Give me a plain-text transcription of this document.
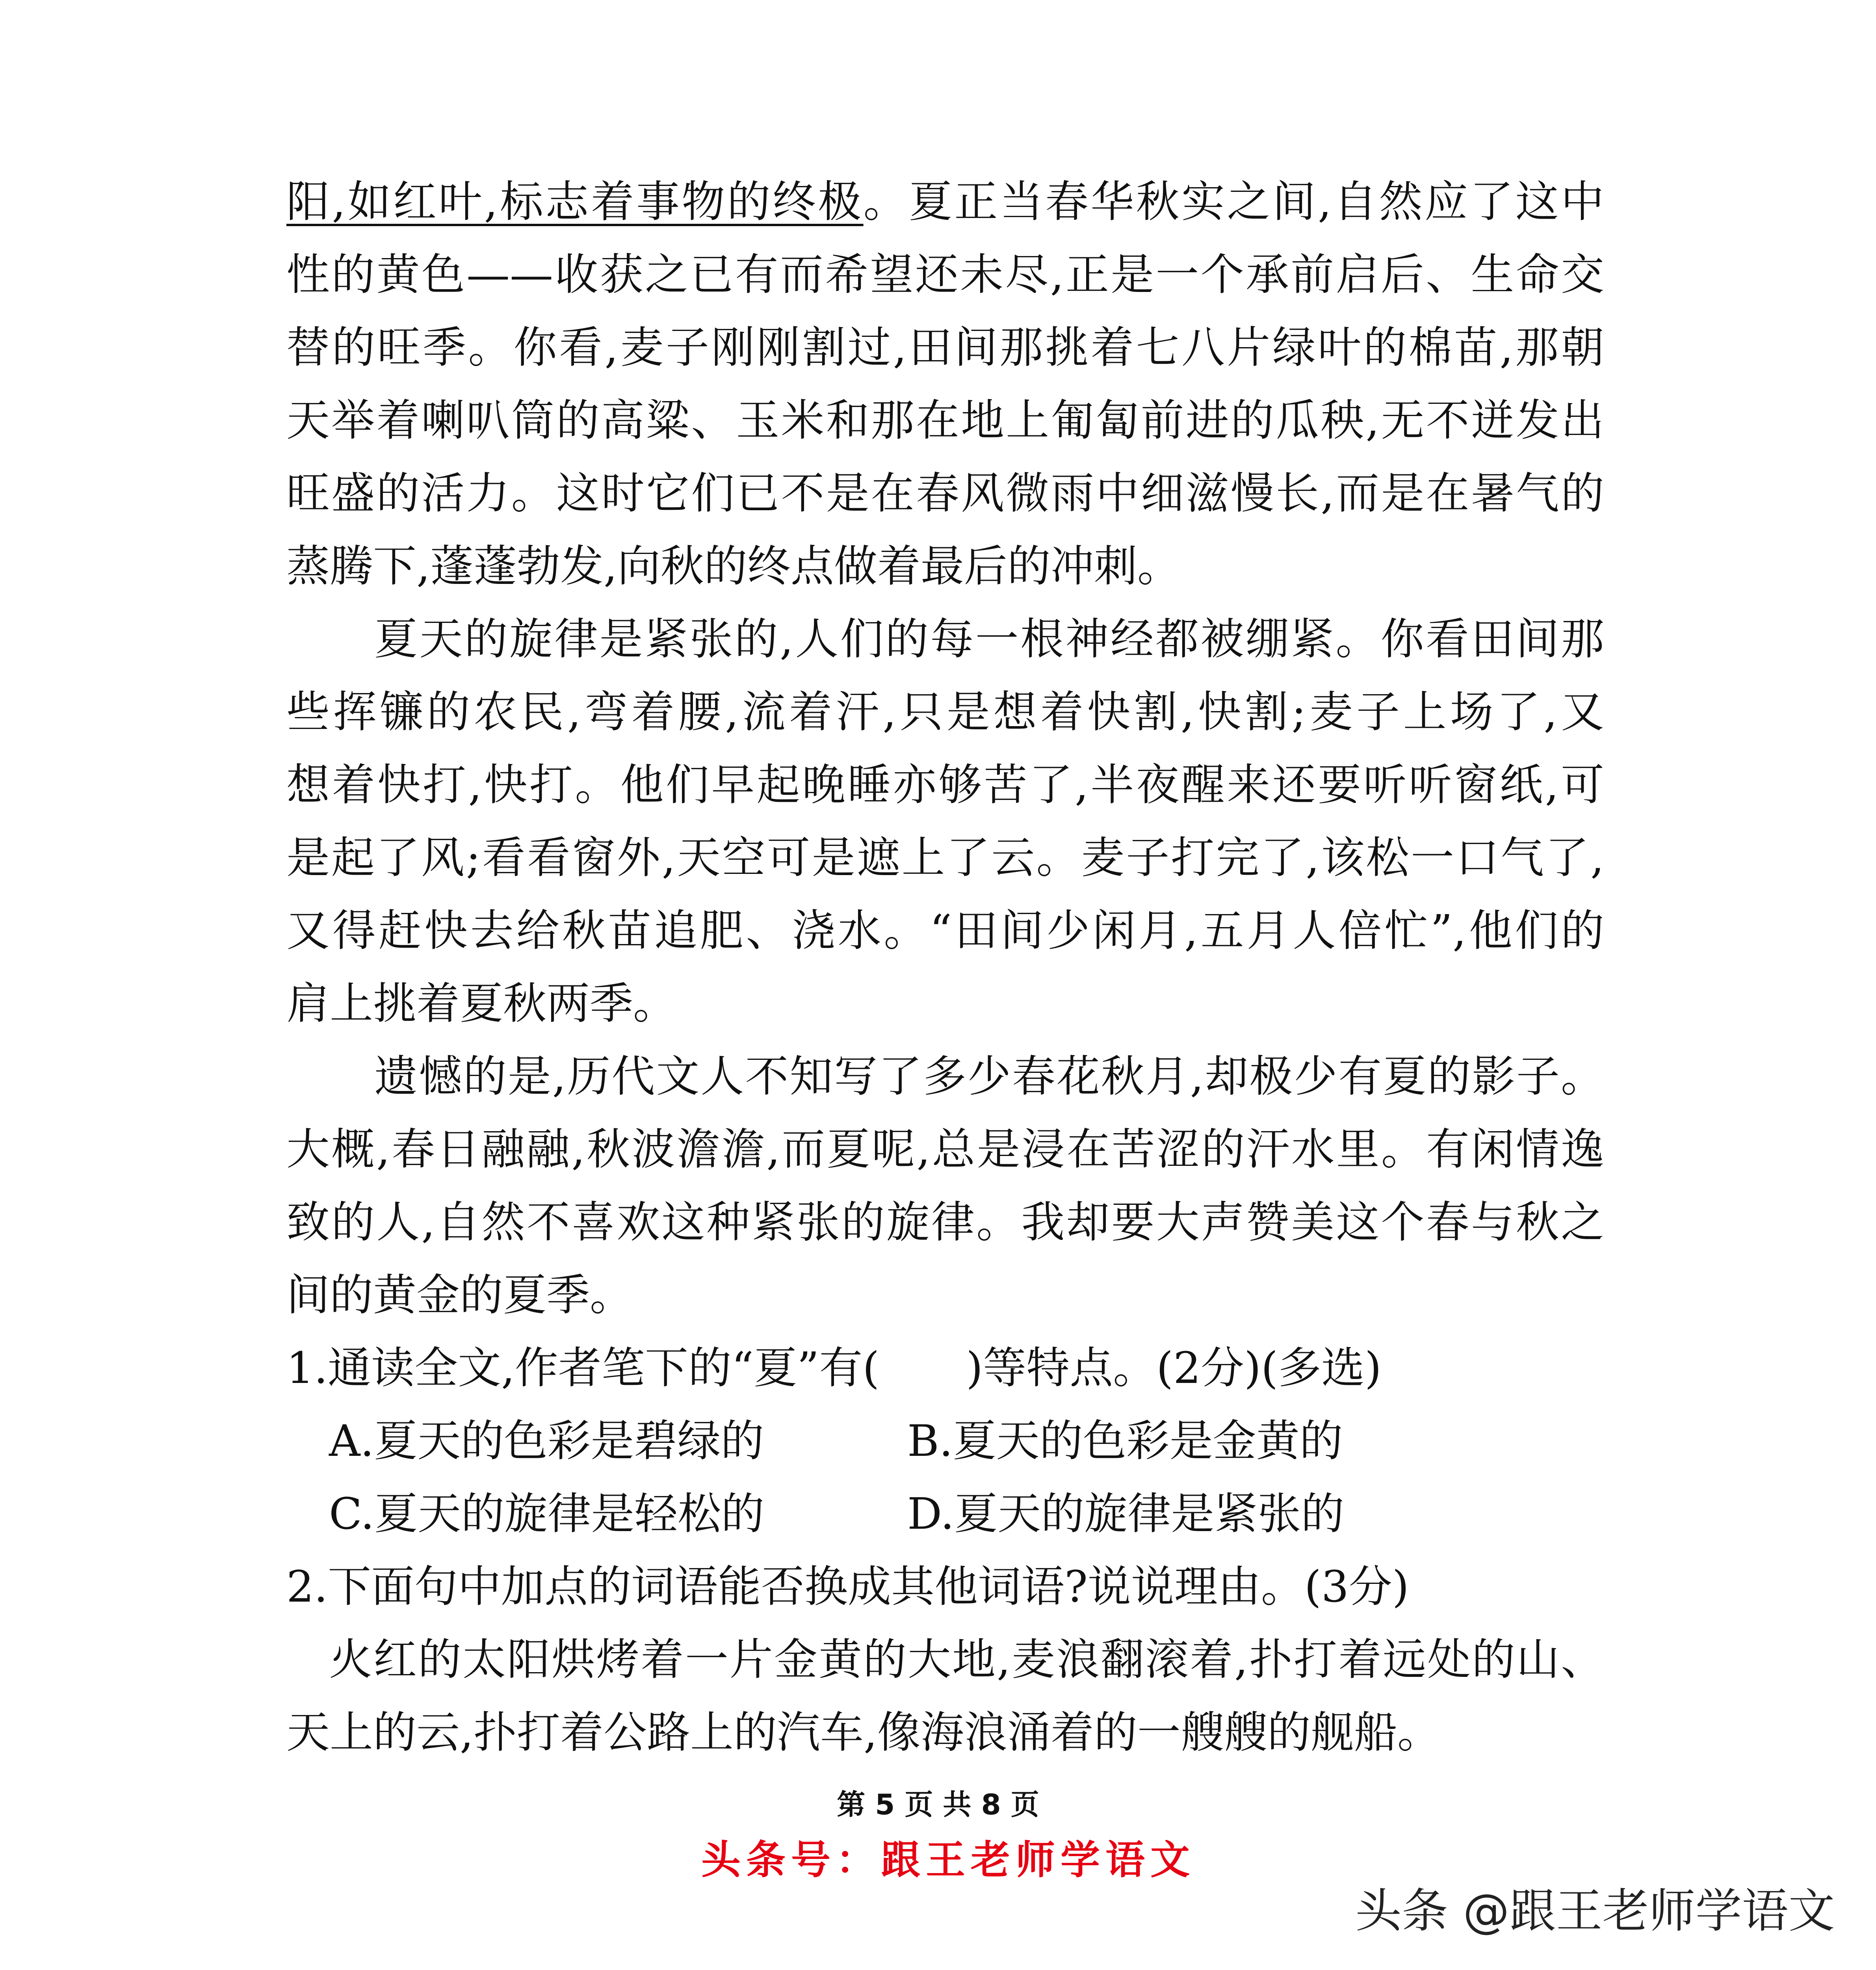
阳,如红叶,标志着事物的终极。夏正当春华秋实之间,自然应了这中
性的黄色——收获之已有而希望还未尽,正是一个承前启后、生命交
替的旺季。你看,麦子刚刚割过,田间那挑着七八片绿叶的棉苗,那朝
天举着喇叭筒的高粱、玉米和那在地上匍匐前进的瓜秧,无不迸发出
旺盛的活力。这时它们已不是在春风微雨中细滋慢长,而是在暑气的
蒸腾下,蓬蓬勃发,向秋的终点做着最后的冲刺。
夏天的旋律是紧张的,人们的每一根神经都被绷紧。你看田间那
些挥镰的农民,弯着腰,流着汗,只是想着快割,快割;麦子上场了,又
想着快打,快打。他们早起晚睡亦够苦了,半夜醒来还要听听窗纸,可
是起了风;看看窗外,天空可是遮上了云。麦子打完了,该松一口气了,
又得赶快去给秋苗追肥、浇水。“田间少闲月,五月人倍忙”,他们的
肩上挑着夏秋两季。
遗憾的是,历代文人不知写了多少春花秋月,却极少有夏的影子。
大概,春日融融,秋波澹澹,而夏呢,总是浸在苦涩的汗水里。有闲情逸
致的人,自然不喜欢这种紧张的旋律。我却要大声赞美这个春与秋之
间的黄金的夏季。
1.通读全文,作者笔下的“夏”有(　　)等特点。(2分)(多选)
A.夏天的色彩是碧绿的	B.夏天的色彩是金黄的
C.夏天的旋律是轻松的	D.夏天的旋律是紧张的
2.下面句中加点的词语能否换成其他词语?说说理由。(3分)
火红的太阳烘烤着一片金黄的大地,麦浪翻滚着,扑打着远处的山、
天上的云,扑打着公路上的汽车,像海浪涌着的一艘艘的舰船。
第 5 页 共 8 页
头条号：跟王老师学语文
头条 @跟王老师学语文
